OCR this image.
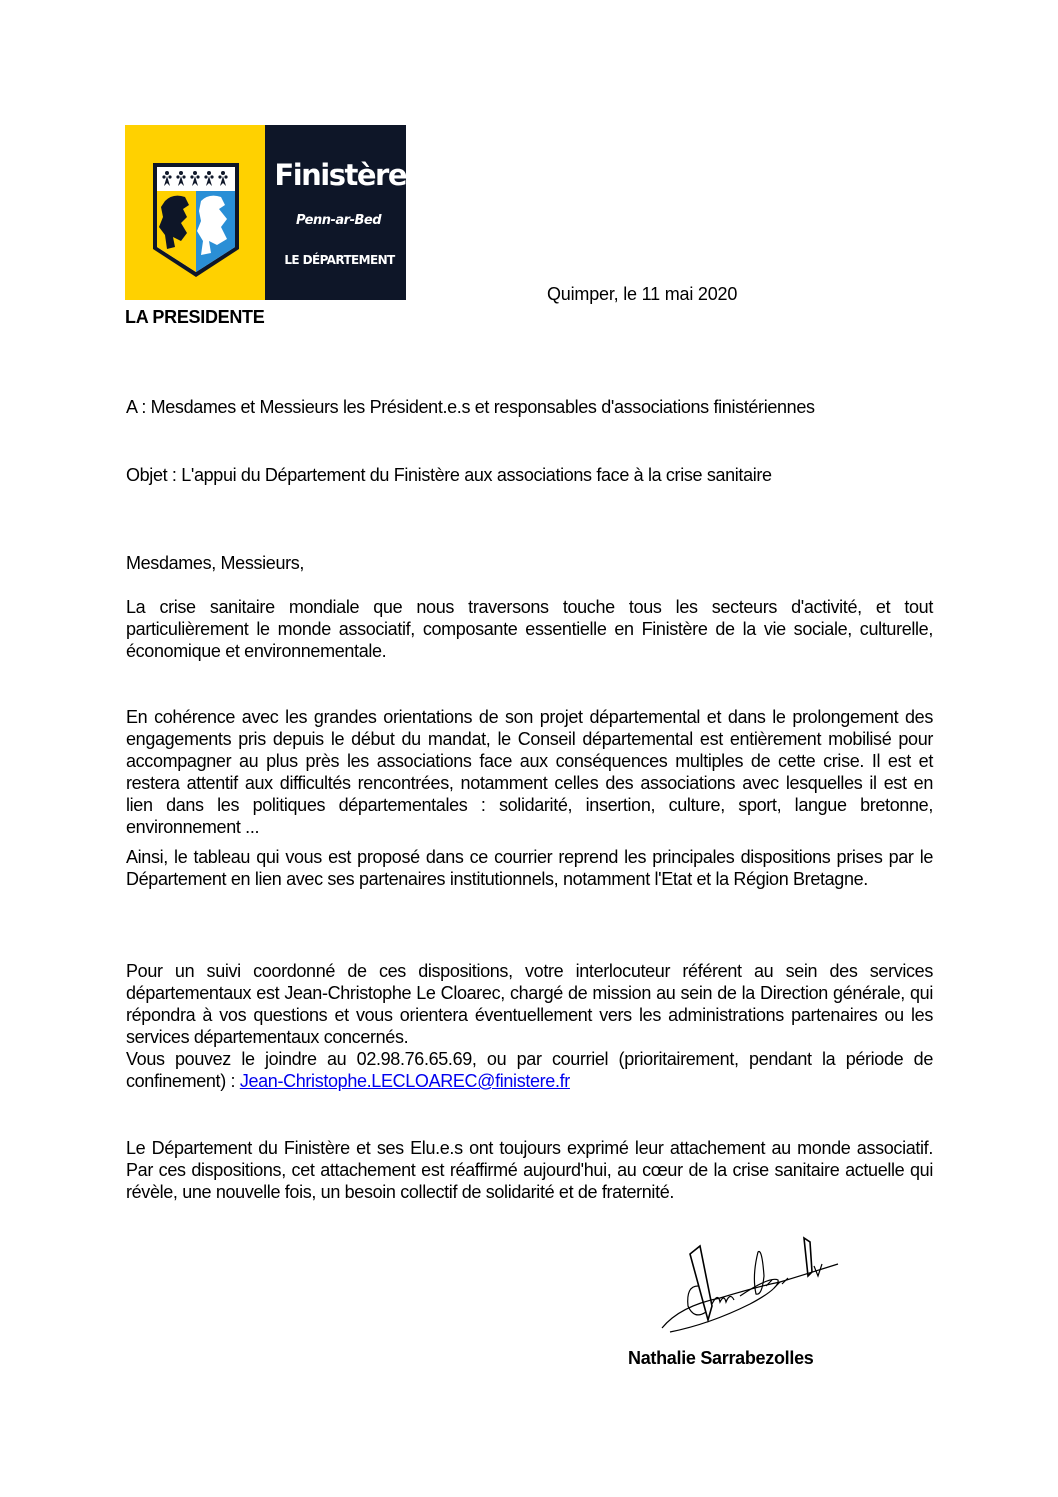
Finistère
Penn-ar-Bed
LE DÉPARTEMENT
Quimper, le 11 mai 2020
LA PRESIDENTE
A : Mesdames et Messieurs les Président.e.s et responsables d'associations finistériennes
Objet : L'appui du Département du Finistère aux associations face à la crise sanitaire
Mesdames, Messieurs,
La crise sanitaire mondiale que nous traversons touche tous les secteurs d'activité, et tout particulièrement le monde associatif, composante essentielle en Finistère de la vie sociale, culturelle, économique et environnementale.
En cohérence avec les grandes orientations de son projet départemental et dans le prolongement des engagements pris depuis le début du mandat, le Conseil départemental est entièrement mobilisé pour accompagner au plus près les associations face aux conséquences multiples de cette crise. Il est et restera attentif aux difficultés rencontrées, notamment celles des associations avec lesquelles il est en lien dans les politiques départementales : solidarité, insertion, culture, sport, langue bretonne, environnement ...
Ainsi, le tableau qui vous est proposé dans ce courrier reprend les principales dispositions prises par le Département en lien avec ses partenaires institutionnels, notamment l'Etat et la Région Bretagne.
Pour un suivi coordonné de ces dispositions, votre interlocuteur référent au sein des services départementaux est Jean-Christophe Le Cloarec, chargé de mission au sein de la Direction générale, qui répondra à vos questions et vous orientera éventuellement vers les administrations partenaires ou les services départementaux concernés.
Vous pouvez le joindre au 02.98.76.65.69, ou par courriel (prioritairement, pendant la période de confinement) : Jean-Christophe.LECLOAREC@finistere.fr
Le Département du Finistère et ses Elu.e.s ont toujours exprimé leur attachement au monde associatif. Par ces dispositions, cet attachement est réaffirmé aujourd'hui, au cœur de la crise sanitaire actuelle qui révèle, une nouvelle fois, un besoin collectif de solidarité et de fraternité.
Nathalie Sarrabezolles
